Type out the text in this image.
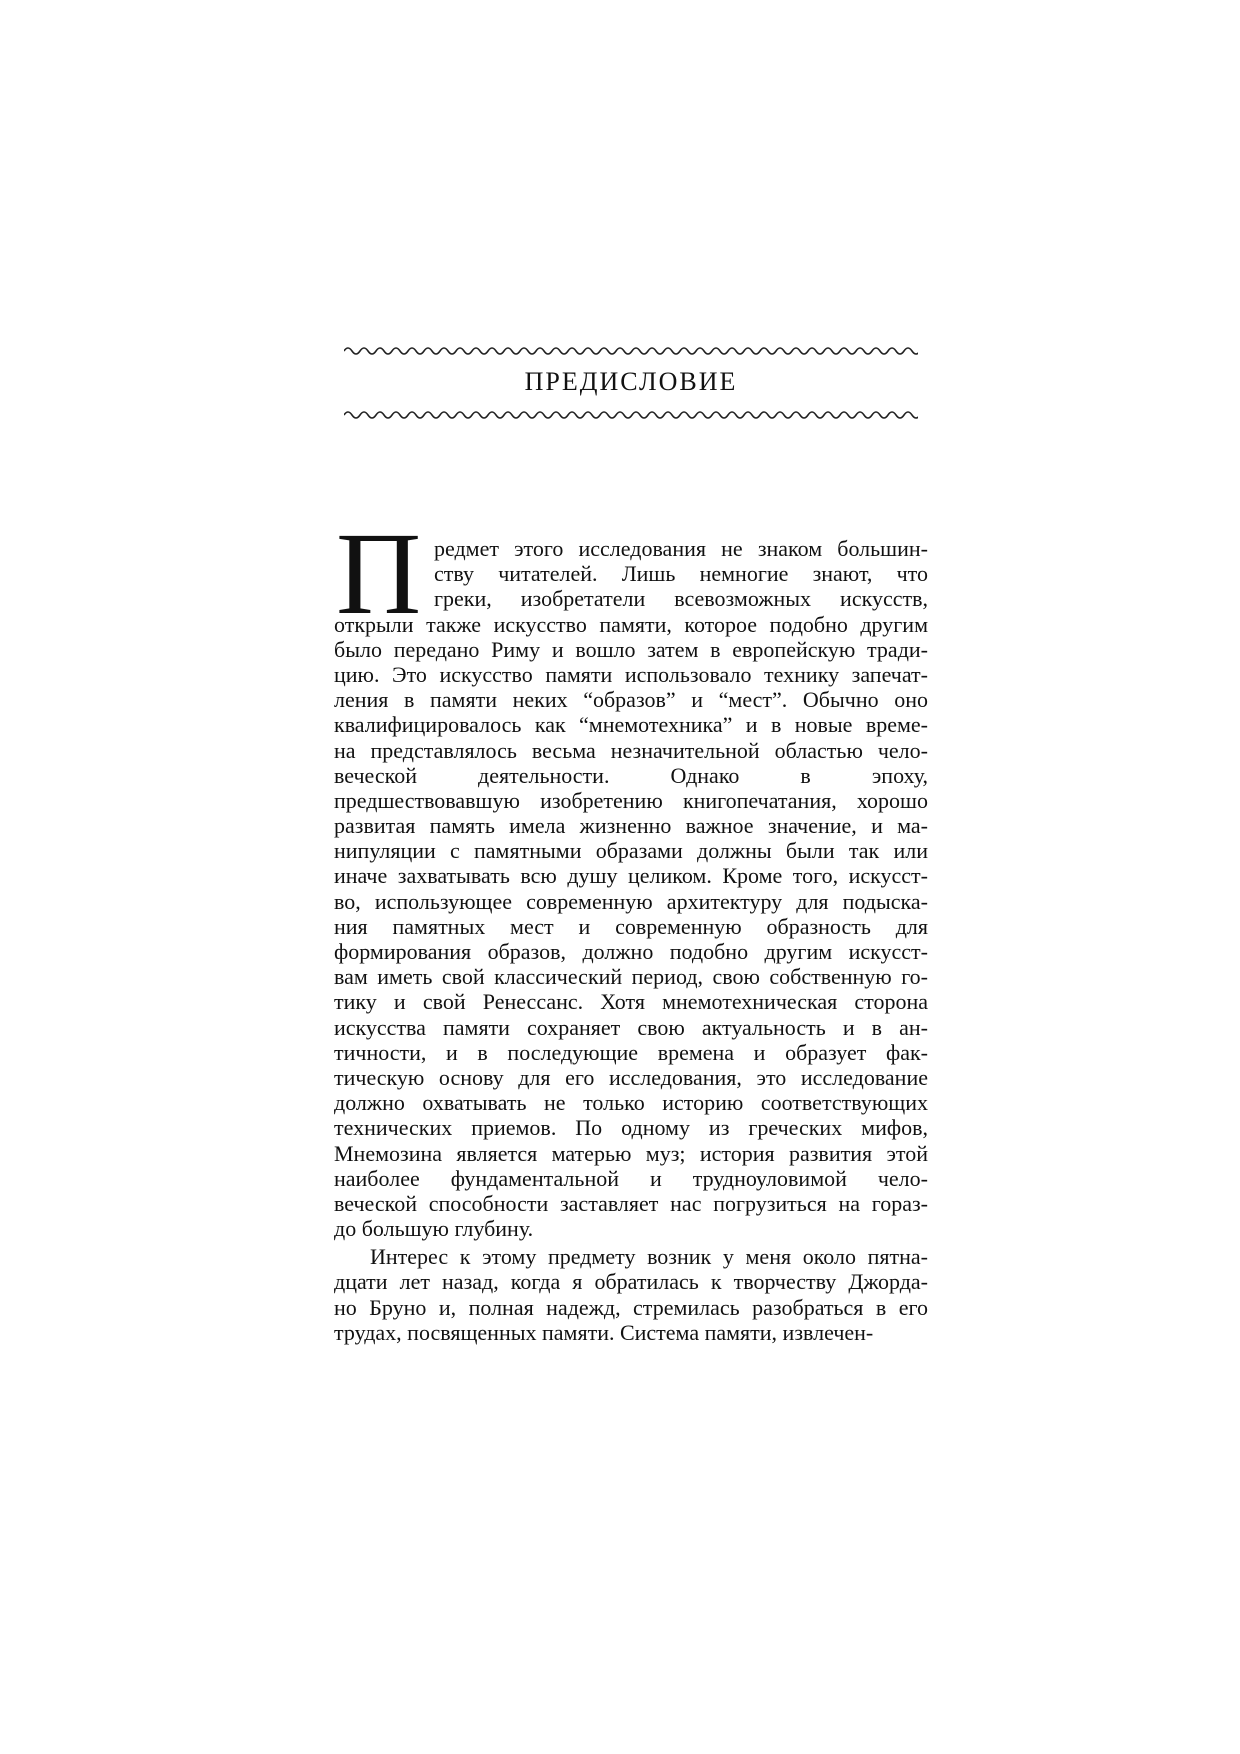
ПРЕДИСЛОВИЕ
П редмет этого исследования не знаком большин-
ству читателей. Лишь немногие знают, что
греки, изобретатели всевозможных искусств,
открыли также искусство памяти, которое подобно другим
было передано Риму и вошло затем в европейскую тради-
цию. Это искусство памяти использовало технику запечат-
ления в памяти неких “образов” и “мест”. Обычно оно
квалифицировалось как “мнемотехника” и в новые време-
на представлялось весьма незначительной областью чело-
веческой деятельности. Однако в эпоху,
предшествовавшую изобретению книгопечатания, хорошо
развитая память имела жизненно важное значение, и ма-
нипуляции с памятными образами должны были так или
иначе захватывать всю душу целиком. Кроме того, искусст-
во, использующее современную архитектуру для подыска-
ния памятных мест и современную образность для
формирования образов, должно подобно другим искусст-
вам иметь свой классический период, свою собственную го-
тику и свой Ренессанс. Хотя мнемотехническая сторона
искусства памяти сохраняет свою актуальность и в ан-
тичности, и в последующие времена и образует фак-
тическую основу для его исследования, это исследование
должно охватывать не только историю соответствующих
технических приемов. По одному из греческих мифов,
Мнемозина является матерью муз; история развития этой
наиболее фундаментальной и трудноуловимой чело-
веческой способности заставляет нас погрузиться на гораз-
до большую глубину.
Интерес к этому предмету возник у меня около пятна-
дцати лет назад, когда я обратилась к творчеству Джорда-
но Бруно и, полная надежд, стремилась разобраться в его
трудах, посвященных памяти. Система памяти, извлечен-
